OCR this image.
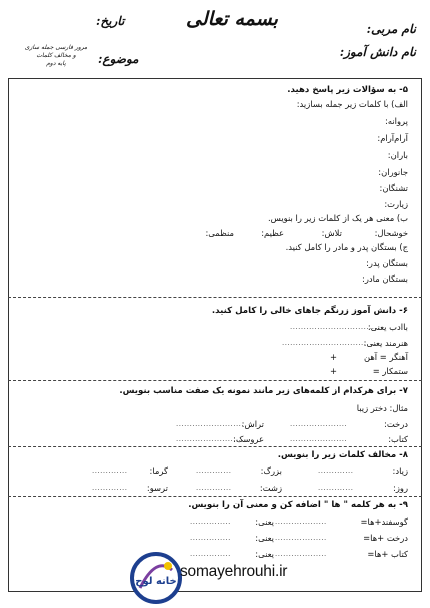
بسمه تعالی	نام مربی:
نام دانش آموز:
تاریخ:
موضوع:
مرور فارسی جمله سازی
و مخالف کلمات
پایه دوم
۵- به سؤالات زیر پاسخ دهید.
الف) با کلمات زیر جمله بسازید:
پروانه:
آرام‌آرام:
باران:
جانوران:
تشنگان:
زیارت:
ب) معنی هر یک از کلمات زیر را بنویس.
خوشحال:
تلاش:
عظیم:
منظمی:
ج) بستگان پدر و مادر را کامل کنید.
بستگان پدر:
بستگان مادر:
۶- دانش آموز زرنگم جاهای خالی را کامل کنید.
باادب یعنی:
.................................
هنرمند یعنی:
...................................
آهنگر = آهن
+
ستمکار =
+
۷- برای هرکدام از کلمه‌های زیر مانند نمونه یک صفت مناسب بنویس.
مثال: دختر زیبا
درخت:
.....................
کتاب:
.....................
تراش:
.........................
عروسک:
.........................
۸- مخالف کلمات زیر را بنویس.
زیاد:
.............
بزرگ:
.............
گرما:
.............
روز:
.............
زشت:
.............
ترسو:
.............
۹- به هر کلمه " ها " اضافه کن و معنی آن را بنویس.
گوسفند+ها=
...................
یعنی:
...............
درخت +ها=
...................
یعنی:
...............
کتاب +ها=
...................
یعنی:
...............
خانه لوح
somayehrouhi.ir
